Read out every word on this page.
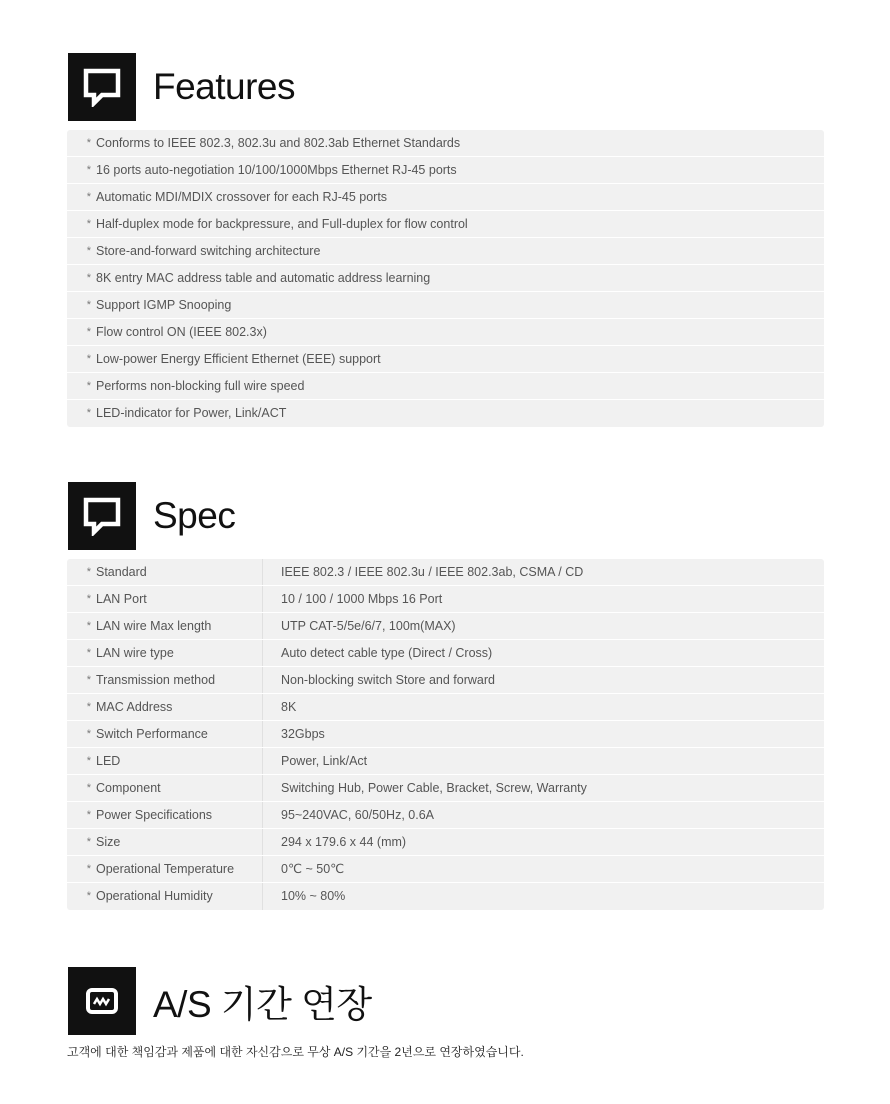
Features
* Conforms to IEEE 802.3, 802.3u and 802.3ab Ethernet Standards
* 16 ports auto-negotiation 10/100/1000Mbps Ethernet RJ-45 ports
* Automatic MDI/MDIX crossover for each RJ-45 ports
* Half-duplex mode for backpressure, and Full-duplex for flow control
* Store-and-forward switching architecture
* 8K entry MAC address table and automatic address learning
* Support IGMP Snooping
* Flow control ON (IEEE 802.3x)
* Low-power Energy Efficient Ethernet (EEE) support
* Performs non-blocking full wire speed
* LED-indicator for Power, Link/ACT
Spec
* Standard	IEEE 802.3 / IEEE 802.3u / IEEE 802.3ab, CSMA / CD
* LAN Port	10 / 100 / 1000 Mbps 16 Port
* LAN wire Max length	UTP CAT-5/5e/6/7, 100m(MAX)
* LAN wire type	Auto detect cable type (Direct / Cross)
* Transmission method	Non-blocking switch Store and forward
* MAC Address	8K
* Switch Performance	32Gbps
* LED	Power, Link/Act
* Component	Switching Hub, Power Cable, Bracket, Screw, Warranty
* Power Specifications	95~240VAC, 60/50Hz, 0.6A
* Size	294 x 179.6 x 44 (mm)
* Operational Temperature	0℃ ~ 50℃
* Operational Humidity	10% ~ 80%
A/S 기간 연장
고객에 대한 책임감과 제품에 대한 자신감으로 무상 A/S 기간을 2년으로 연장하였습니다.
